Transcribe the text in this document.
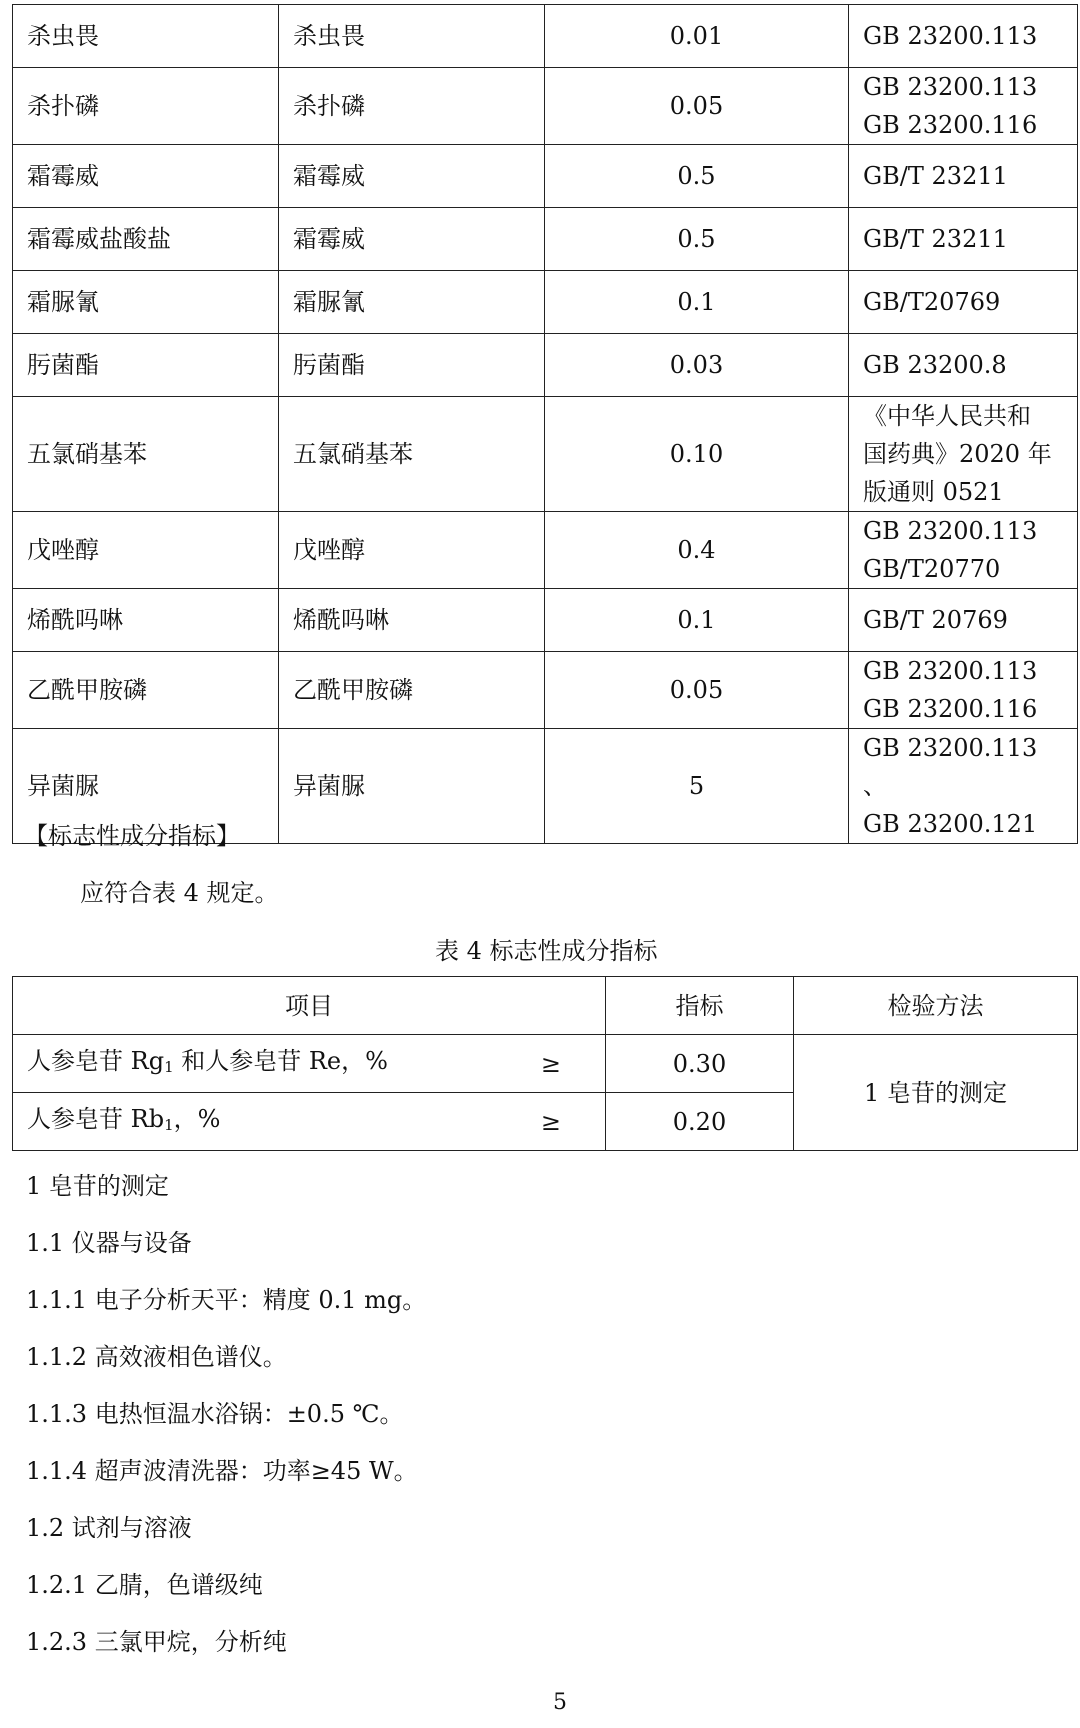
杀虫畏	杀虫畏	0.01	GB 23200.113

杀扑磷	杀扑磷	0.05	GB 23200.113
GB 23200.116

霜霉威	霜霉威	0.5	GB/T 23211

霜霉威盐酸盐	霜霉威	0.5	GB/T 23211

霜脲氰	霜脲氰	0.1	GB/T20769

肟菌酯	肟菌酯	0.03	GB 23200.8

五氯硝基苯	五氯硝基苯	0.10	《中华人民共和
国药典》2020 年
版通则 0521

戊唑醇	戊唑醇	0.4	GB 23200.113
GB/T20770

烯酰吗啉	烯酰吗啉	0.1	GB/T 20769

乙酰甲胺磷	乙酰甲胺磷	0.05	GB 23200.113
GB 23200.116

异菌脲	异菌脲	5	GB 23200.113 、
GB 23200.121
【标志性成分指标】
应符合表 4 规定。
表 4 标志性成分指标
项目		指标	检验方法
人参皂苷 $Rg_1$ 和人参皂苷 Re，%	≥	0.30	1 皂苷的测定
人参皂苷 $Rb_1$，%	≥	0.20	
1 皂苷的测定
1.1 仪器与设备
1.1.1 电子分析天平：精度 0.1 mg。
1.1.2 高效液相色谱仪。
1.1.3 电热恒温水浴锅：±0.5 ℃。
1.1.4 超声波清洗器：功率≥45 W。
1.2 试剂与溶液
1.2.1 乙腈，色谱级纯
1.2.3 三氯甲烷，分析纯
5
